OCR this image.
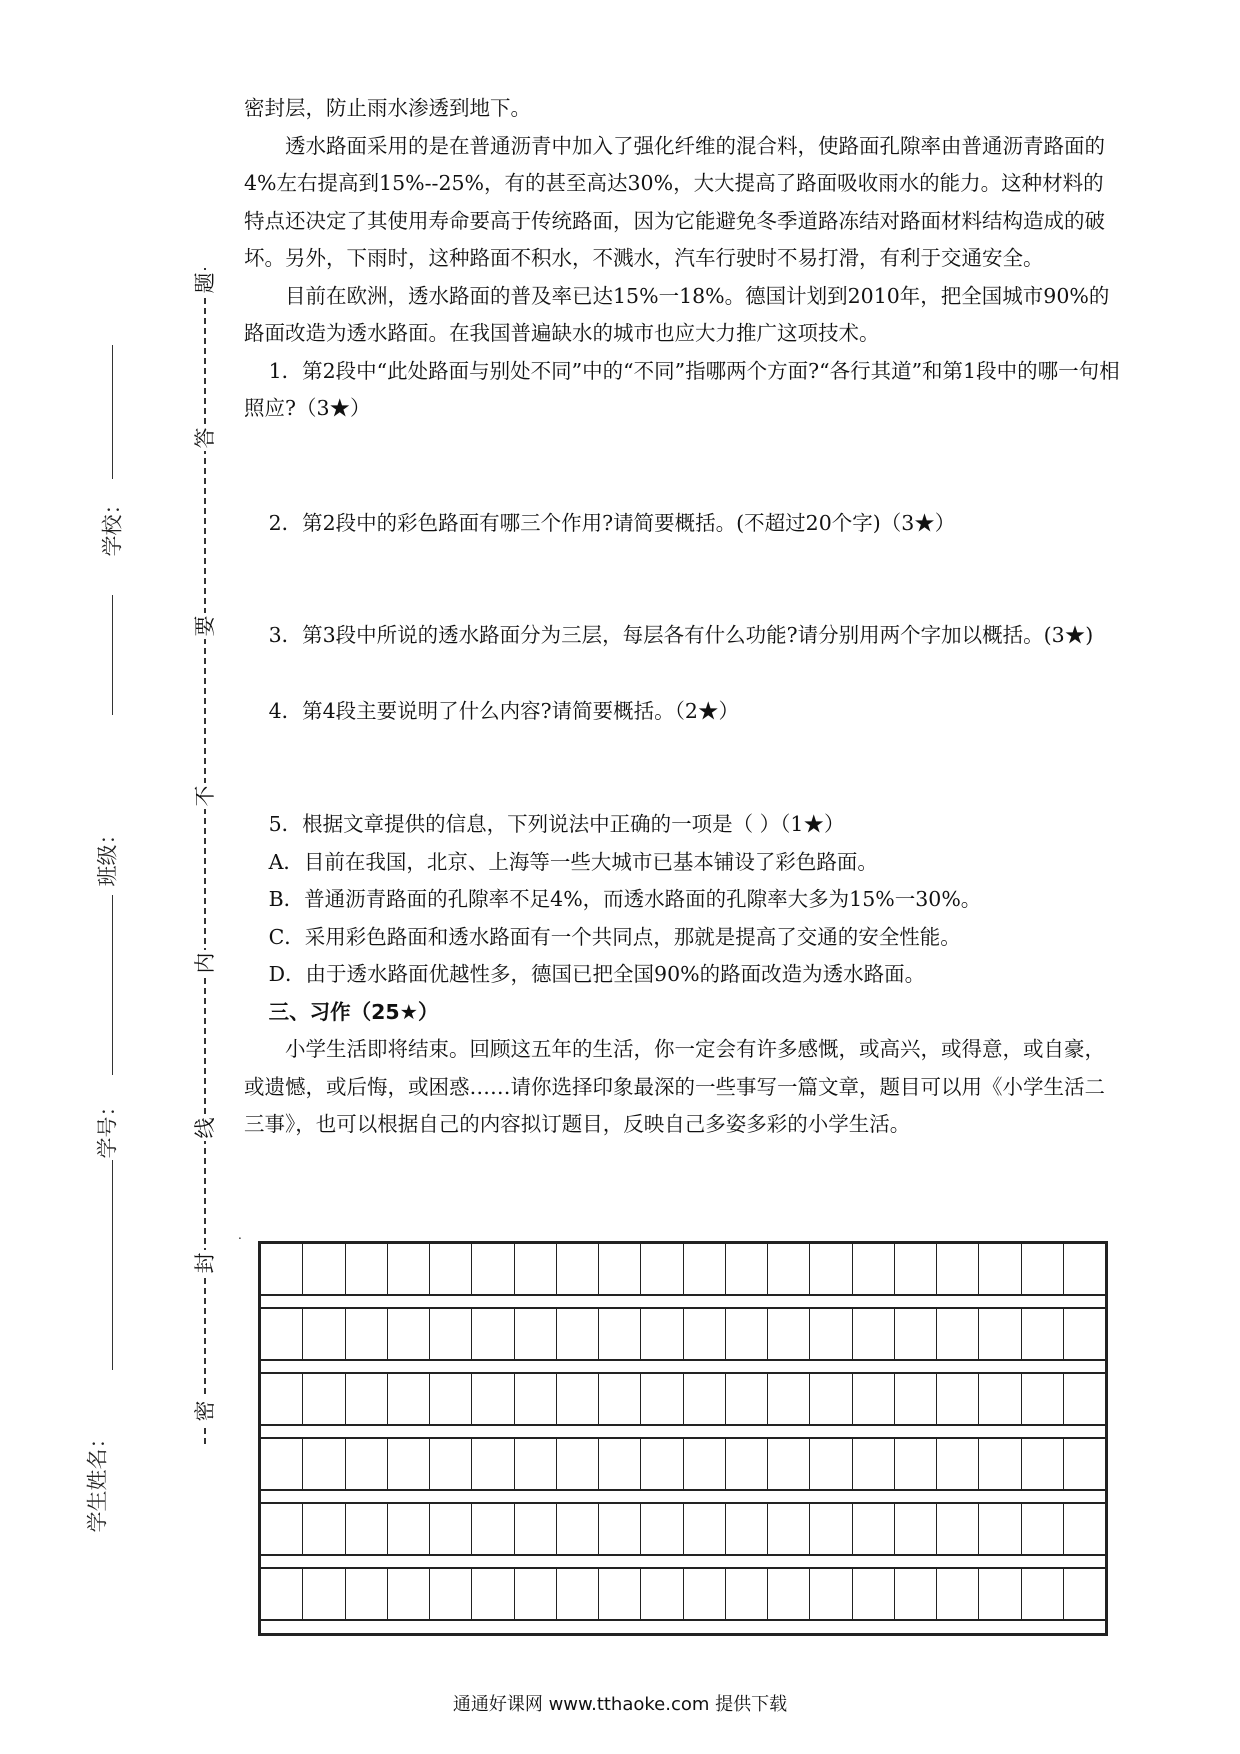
学校：
班级：
学号：
学生姓名：
题
答
要
不
内
线
封
密

密封层，防止雨水渗透到地下。

透水路面采用的是在普通沥青中加入了强化纤维的混合料，使路面孔隙率由普通沥青路面的4%左右提高到15%--25%，有的甚至高达30%，大大提高了路面吸收雨水的能力。这种材料的特点还决定了其使用寿命要高于传统路面，因为它能避免冬季道路冻结对路面材料结构造成的破坏。另外，下雨时，这种路面不积水，不溅水，汽车行驶时不易打滑，有利于交通安全。

目前在欧洲，透水路面的普及率已达15%一18%。德国计划到2010年，把全国城市90%的路面改造为透水路面。在我国普遍缺水的城市也应大力推广这项技术。

1．第2段中“此处路面与别处不同”中的“不同”指哪两个方面?“各行其道”和第1段中的哪一句相照应?（3★）

2．第2段中的彩色路面有哪三个作用?请简要概括。(不超过20个字)（3★）

3．第3段中所说的透水路面分为三层，每层各有什么功能?请分别用两个字加以概括。(3★)

4．第4段主要说明了什么内容?请简要概括。（2★）

5．根据文章提供的信息，下列说法中正确的一项是（ ）（1★）

A．目前在我国，北京、上海等一些大城市已基本铺设了彩色路面。

B．普通沥青路面的孔隙率不足4%，而透水路面的孔隙率大多为15%一30%。

C．采用彩色路面和透水路面有一个共同点，那就是提高了交通的安全性能。

D．由于透水路面优越性多，德国已把全国90%的路面改造为透水路面。

三、习作（25★）

小学生活即将结束。回顾这五年的生活，你一定会有许多感慨，或高兴，或得意，或自豪，或遗憾，或后悔，或困惑……请你选择印象最深的一些事写一篇文章，题目可以用《小学生活二三事》，也可以根据自己的内容拟订题目，反映自己多姿多彩的小学生活。

.
通通好课网 www.tthaoke.com 提供下载
